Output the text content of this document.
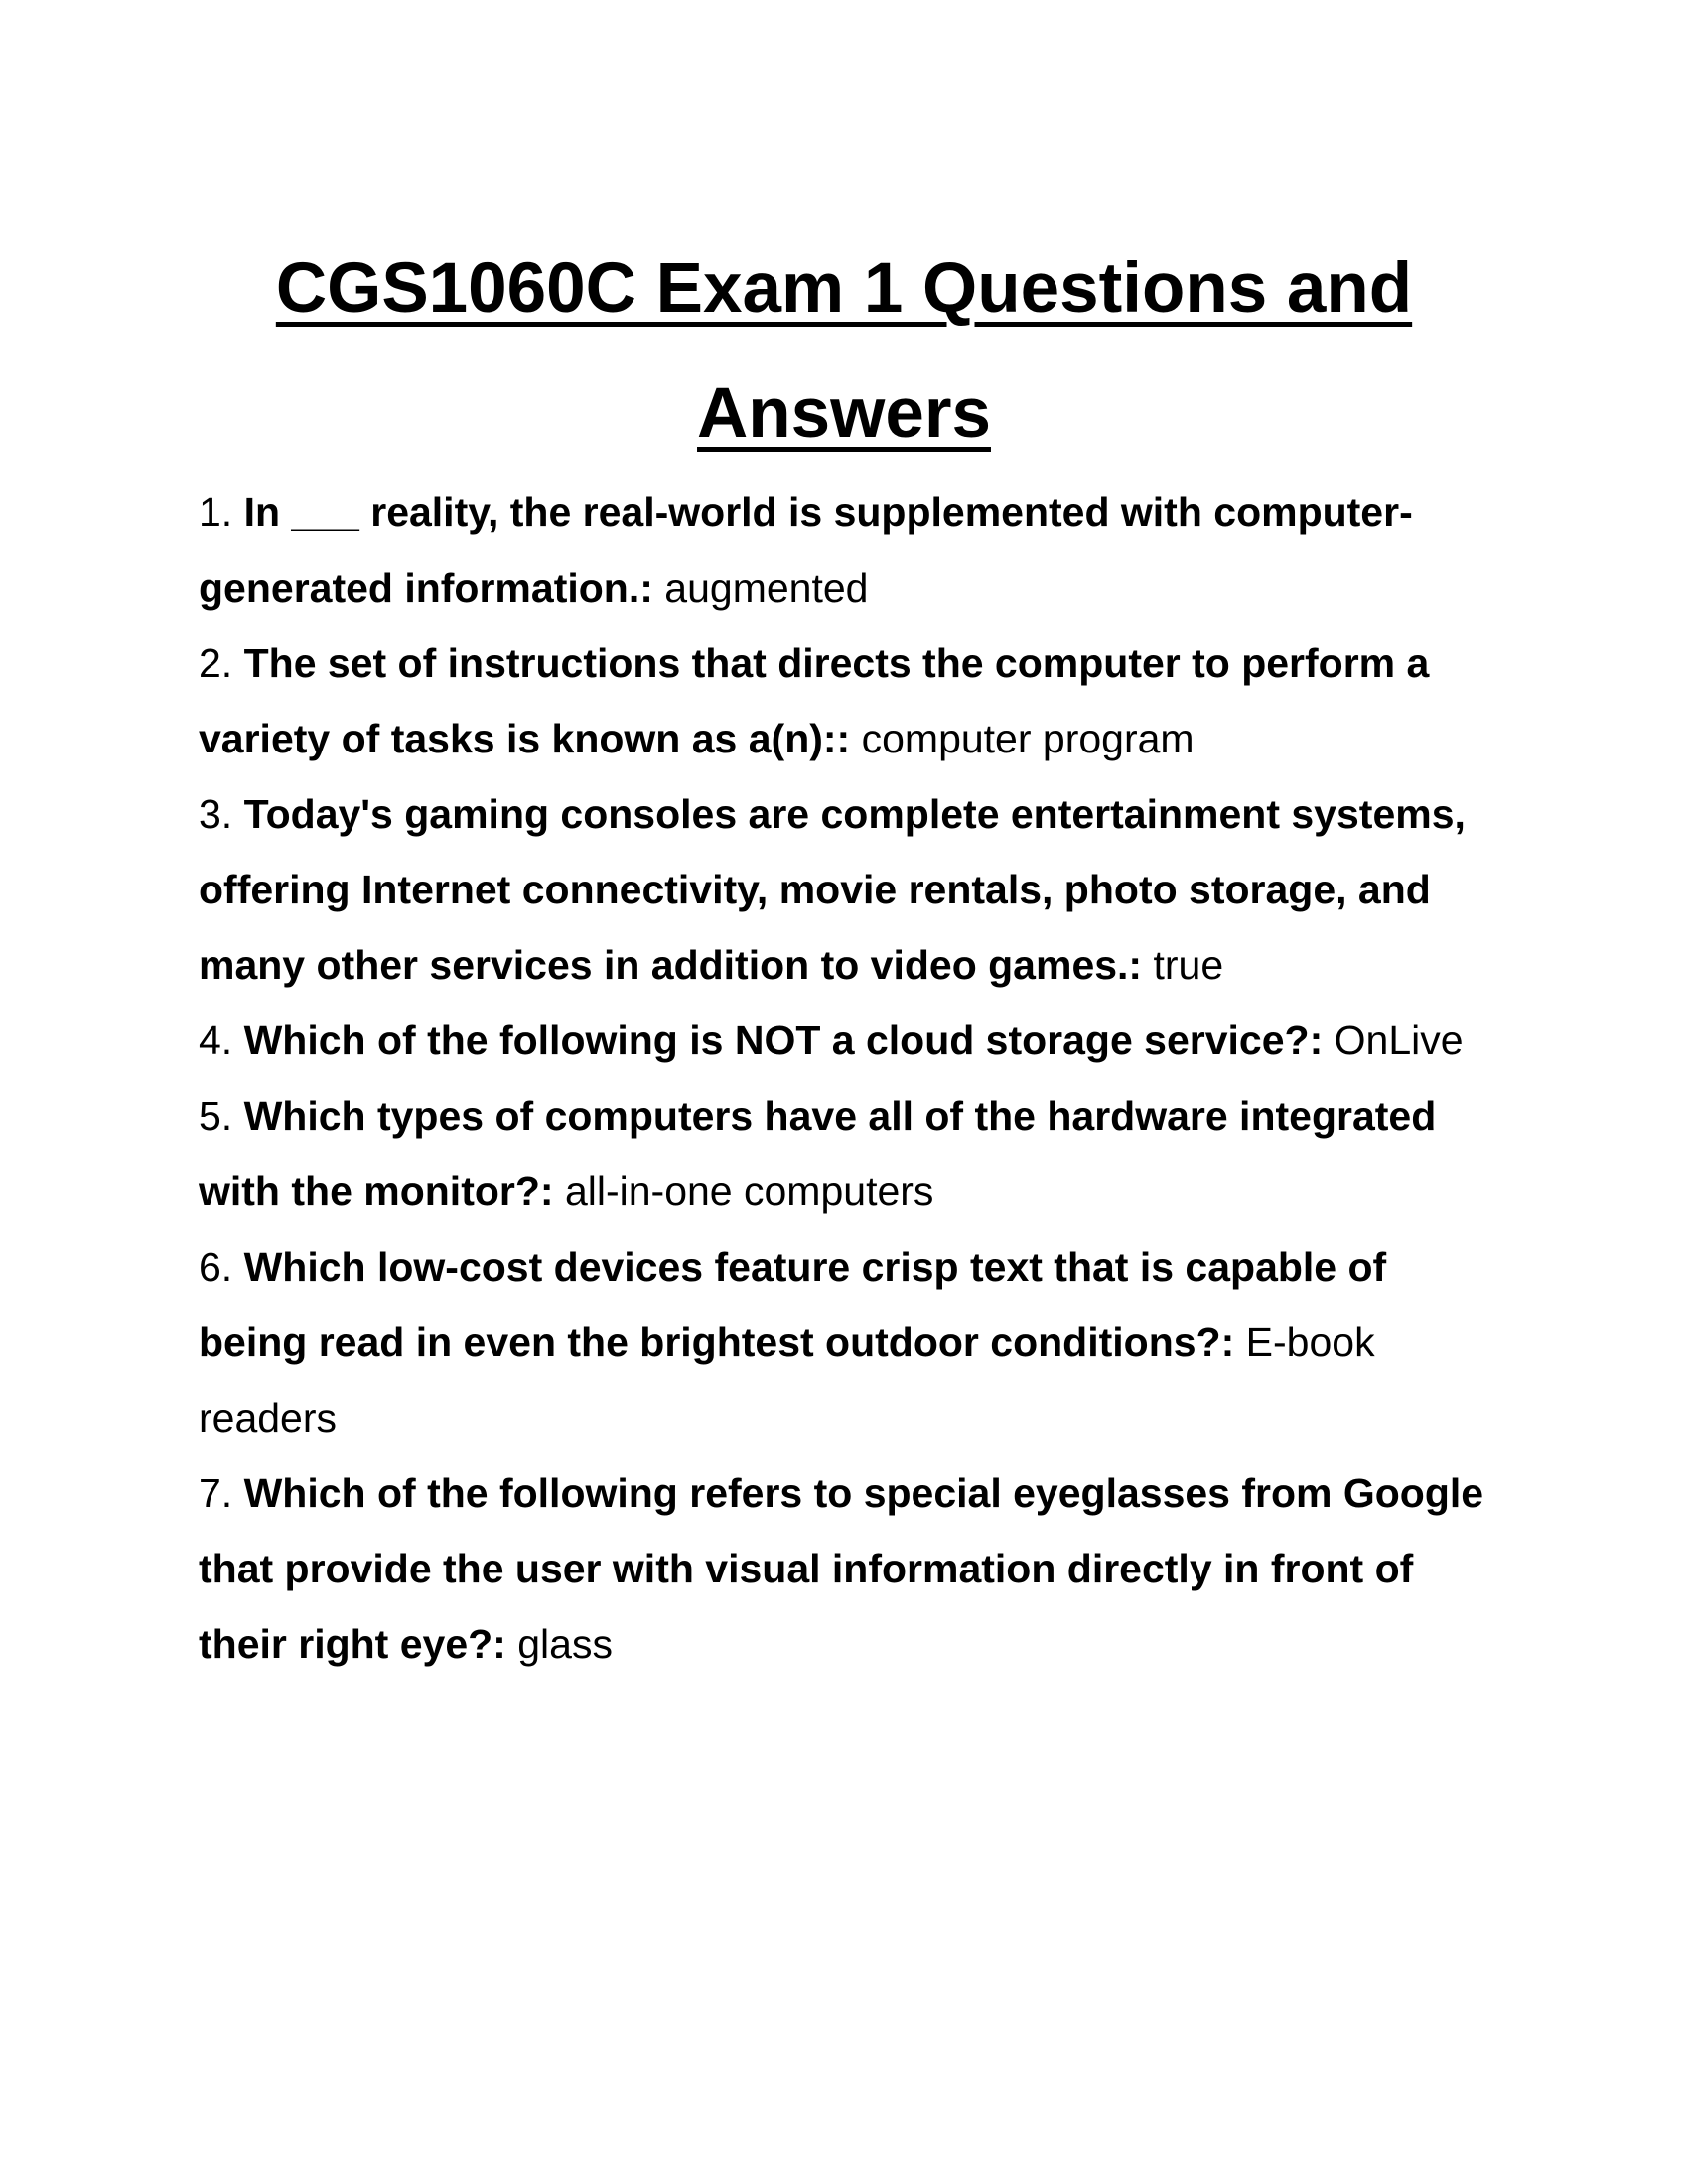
CGS1060C Exam 1 Questions and
Answers
1. In ___ reality, the real-world is supplemented with computer-generated information.: augmented
2. The set of instructions that directs the computer to perform a variety of tasks is known as a(n):: computer program
3. Today's gaming consoles are complete entertainment systems, offering Internet connectivity, movie rentals, photo storage, and many other services in addition to video games.: true
4. Which of the following is NOT a cloud storage service?: OnLive
5. Which types of computers have all of the hardware integrated with the monitor?: all-in-one computers
6. Which low-cost devices feature crisp text that is capable of being read in even the brightest outdoor conditions?: E-book readers
7. Which of the following refers to special eyeglasses from Google that provide the user with visual information directly in front of their right eye?: glass
